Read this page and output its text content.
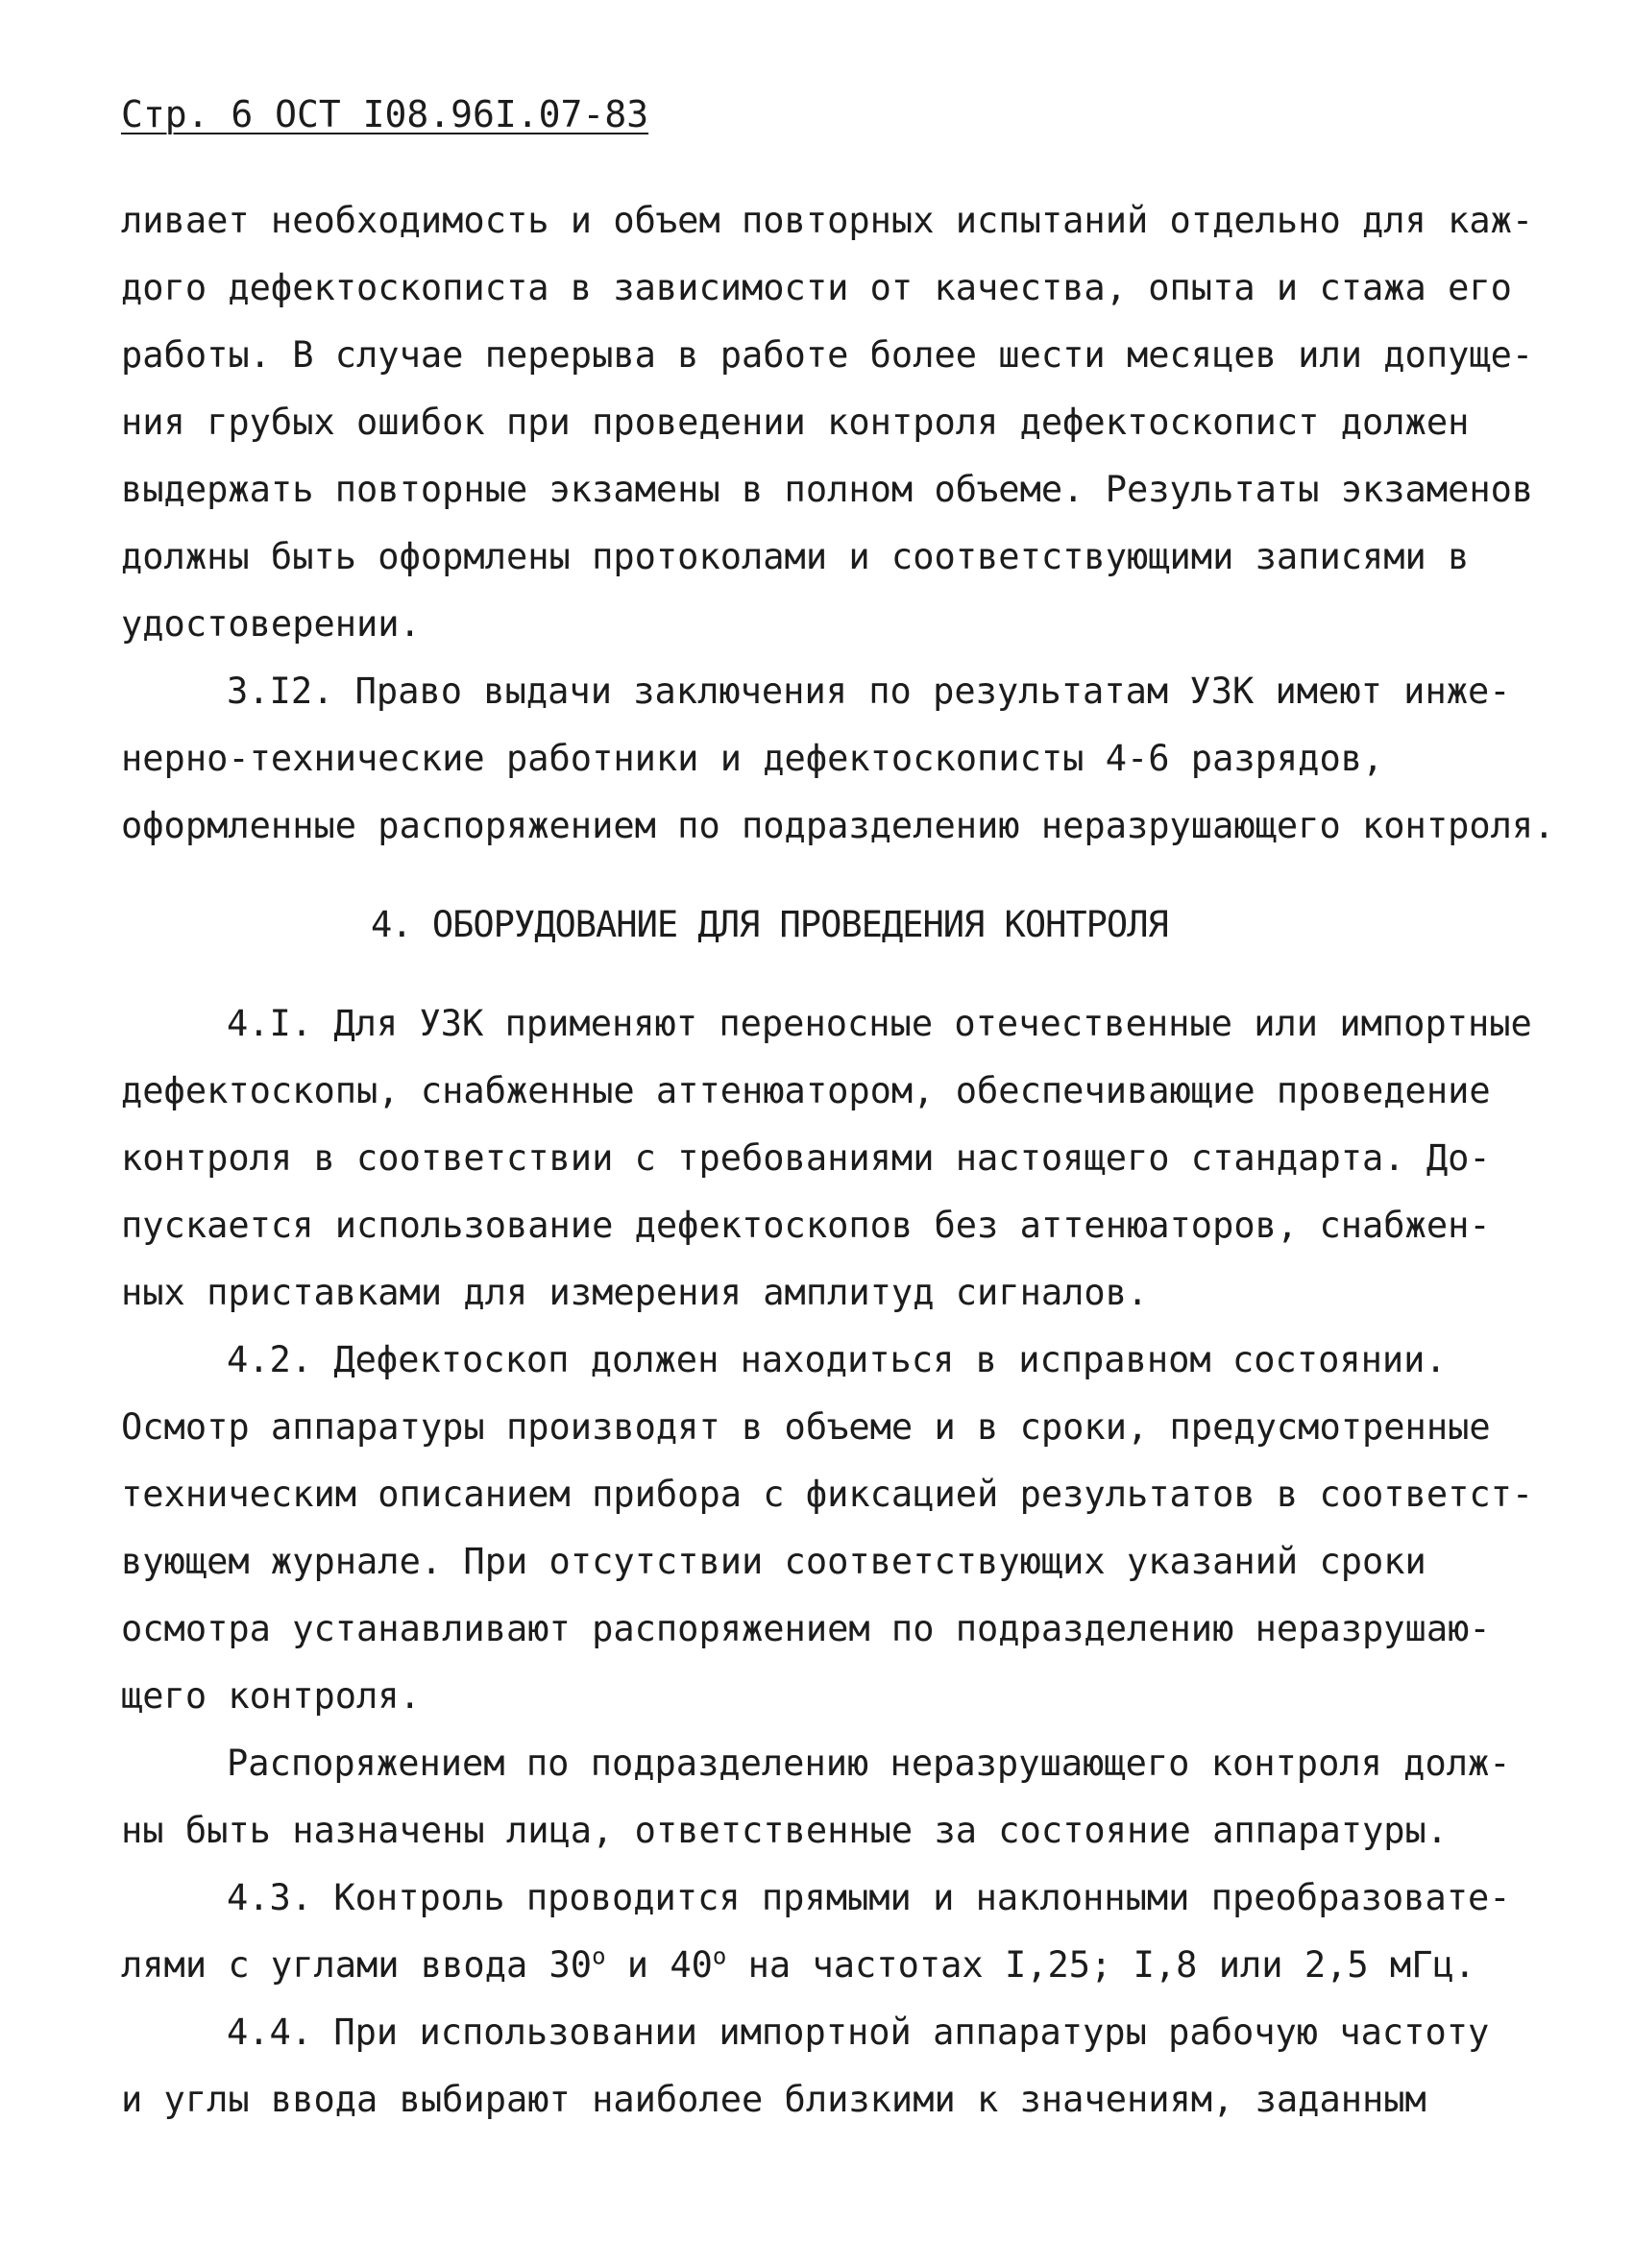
Стр. 6 ОСТ I08.96I.07-83
ливает необходимость и объем повторных испытаний отдельно для каж-
дого дефектоскописта в зависимости от качества, опыта и стажа его
работы. В случае перерыва в работе более шести месяцев или допуще-
ния грубых ошибок при проведении контроля дефектоскопист должен
выдержать повторные экзамены в полном объеме. Результаты экзаменов
должны быть оформлены протоколами и соответствующими записями в
удостоверении.
3.I2. Право выдачи заключения по результатам УЗК имеют инже-
нерно-технические работники и дефектоскописты 4-6 разрядов,
оформленные распоряжением по подразделению неразрушающего контроля.
4. ОБОРУДОВАНИЕ ДЛЯ ПРОВЕДЕНИЯ КОНТРОЛЯ
4.I. Для УЗК применяют переносные отечественные или импортные
дефектоскопы, снабженные аттенюатором, обеспечивающие проведение
контроля в соответствии с требованиями настоящего стандарта. До-
пускается использование дефектоскопов без аттенюаторов, снабжен-
ных приставками для измерения амплитуд сигналов.
4.2. Дефектоскоп должен находиться в исправном состоянии.
Осмотр аппаратуры производят в объеме и в сроки, предусмотренные
техническим описанием прибора с фиксацией результатов в соответст-
вующем журнале. При отсутствии соответствующих указаний сроки
осмотра устанавливают распоряжением по подразделению неразрушаю-
щего контроля.
Распоряжением по подразделению неразрушающего контроля долж-
ны быть назначены лица, ответственные за состояние аппаратуры.
4.3. Контроль проводится прямыми и наклонными преобразовате-
лями с углами ввода $30^о$ и $40^о$ на частотах I,25; I,8 или 2,5 мГц.
4.4. При использовании импортной аппаратуры рабочую частоту
и углы ввода выбирают наиболее близкими к значениям, заданным
